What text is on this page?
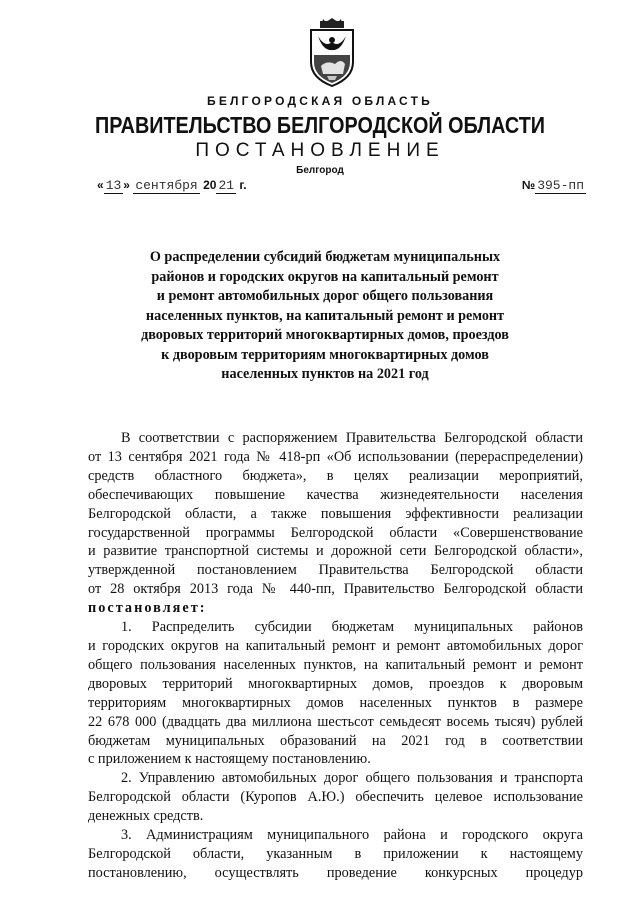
БЕЛГОРОДСКАЯ ОБЛАСТЬ
ПРАВИТЕЛЬСТВО БЕЛГОРОДСКОЙ ОБЛАСТИ
ПОСТАНОВЛЕНИЕ
Белгород
« 13 » сентября 20 21 г.	№ 395-пп
О распределении субсидий бюджетам муниципальных
районов и городских округов на капитальный ремонт
и ремонт автомобильных дорог общего пользования
населенных пунктов, на капитальный ремонт и ремонт
дворовых территорий многоквартирных домов, проездов
к дворовым территориям многоквартирных домов
населенных пунктов на 2021 год
В соответствии с распоряжением Правительства Белгородской области
от 13 сентября 2021 года № 418-рп «Об использовании (перераспределении)
средств областного бюджета», в целях реализации мероприятий,
обеспечивающих повышение качества жизнедеятельности населения
Белгородской области, а также повышения эффективности реализации
государственной программы Белгородской области «Совершенствование
и развитие транспортной системы и дорожной сети Белгородской области»,
утвержденной постановлением Правительства Белгородской области
от 28 октября 2013 года № 440-пп, Правительство Белгородской области
постановляет:
1. Распределить субсидии бюджетам муниципальных районов
и городских округов на капитальный ремонт и ремонт автомобильных дорог
общего пользования населенных пунктов, на капитальный ремонт и ремонт
дворовых территорий многоквартирных домов, проездов к дворовым
территориям многоквартирных домов населенных пунктов в размере
22 678 000 (двадцать два миллиона шестьсот семьдесят восемь тысяч) рублей
бюджетам муниципальных образований на 2021 год в соответствии
с приложением к настоящему постановлению.
2. Управлению автомобильных дорог общего пользования и транспорта
Белгородской области (Куропов А.Ю.) обеспечить целевое использование
денежных средств.
3. Администрациям муниципального района и городского округа
Белгородской области, указанным в приложении к настоящему
постановлению, осуществлять проведение конкурсных процедур
